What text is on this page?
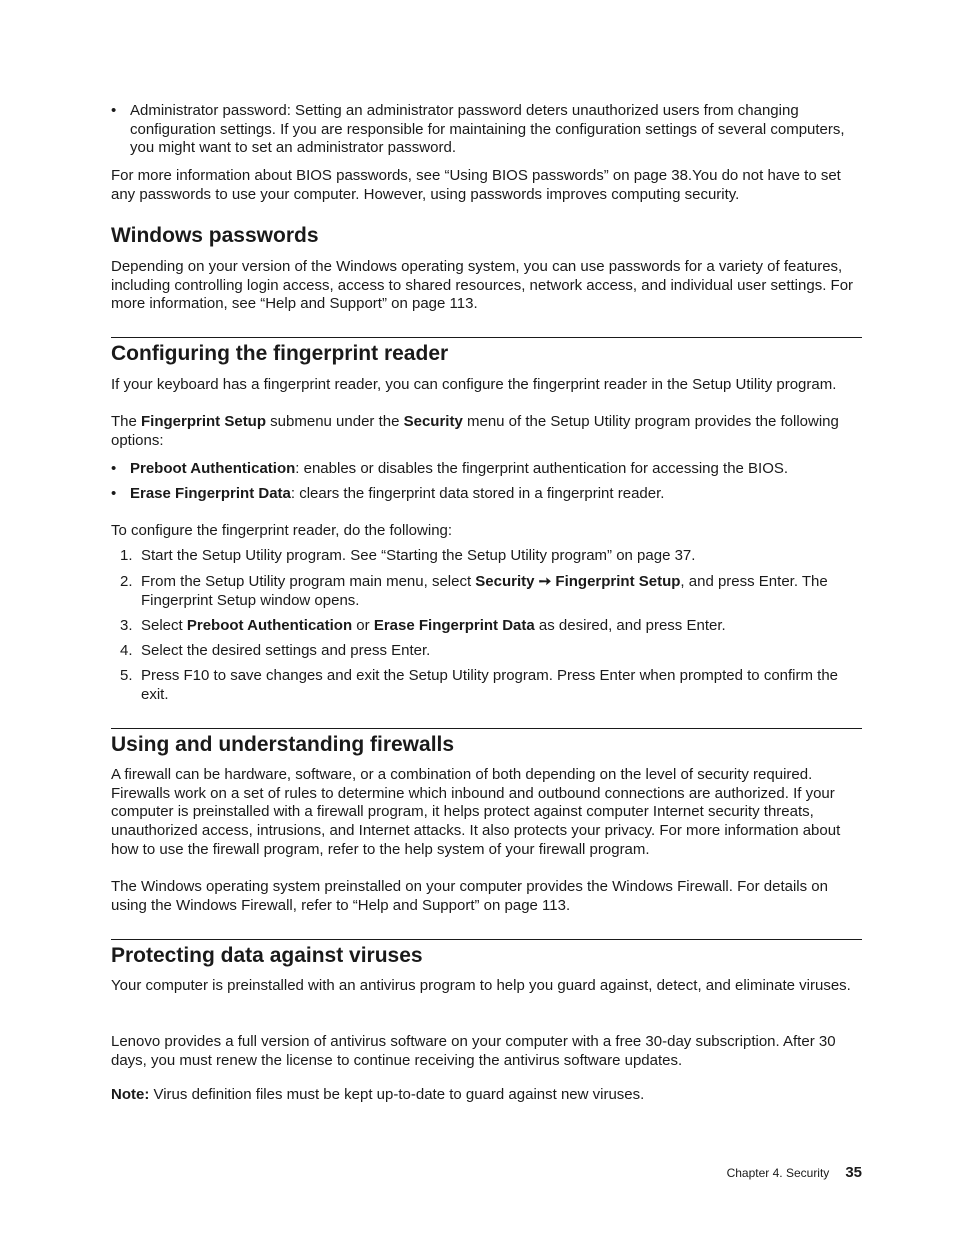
• Administrator password: Setting an administrator password deters unauthorized users from changing configuration settings. If you are responsible for maintaining the configuration settings of several computers, you might want to set an administrator password.

For more information about BIOS passwords, see “Using BIOS passwords” on page 38.You do not have to set any passwords to use your computer. However, using passwords improves computing security.

Windows passwords

Depending on your version of the Windows operating system, you can use passwords for a variety of features, including controlling login access, access to shared resources, network access, and individual user settings. For more information, see “Help and Support” on page 113.

Configuring the fingerprint reader

If your keyboard has a fingerprint reader, you can configure the fingerprint reader in the Setup Utility program.

The Fingerprint Setup submenu under the Security menu of the Setup Utility program provides the following options:

• Preboot Authentication: enables or disables the fingerprint authentication for accessing the BIOS.
• Erase Fingerprint Data: clears the fingerprint data stored in a fingerprint reader.

To configure the fingerprint reader, do the following:

1. Start the Setup Utility program. See “Starting the Setup Utility program” on page 37.
2. From the Setup Utility program main menu, select Security ➙ Fingerprint Setup, and press Enter. The Fingerprint Setup window opens.
3. Select Preboot Authentication or Erase Fingerprint Data as desired, and press Enter.
4. Select the desired settings and press Enter.
5. Press F10 to save changes and exit the Setup Utility program. Press Enter when prompted to confirm the exit.
Using and understanding firewalls

A firewall can be hardware, software, or a combination of both depending on the level of security required. Firewalls work on a set of rules to determine which inbound and outbound connections are authorized. If your computer is preinstalled with a firewall program, it helps protect against computer Internet security threats, unauthorized access, intrusions, and Internet attacks. It also protects your privacy. For more information about how to use the firewall program, refer to the help system of your firewall program.

The Windows operating system preinstalled on your computer provides the Windows Firewall. For details on using the Windows Firewall, refer to “Help and Support” on page 113.

Protecting data against viruses

Your computer is preinstalled with an antivirus program to help you guard against, detect, and eliminate viruses.

Lenovo provides a full version of antivirus software on your computer with a free 30-day subscription. After 30 days, you must renew the license to continue receiving the antivirus software updates.

Note: Virus definition files must be kept up-to-date to guard against new viruses.

Chapter 4. Security 35
